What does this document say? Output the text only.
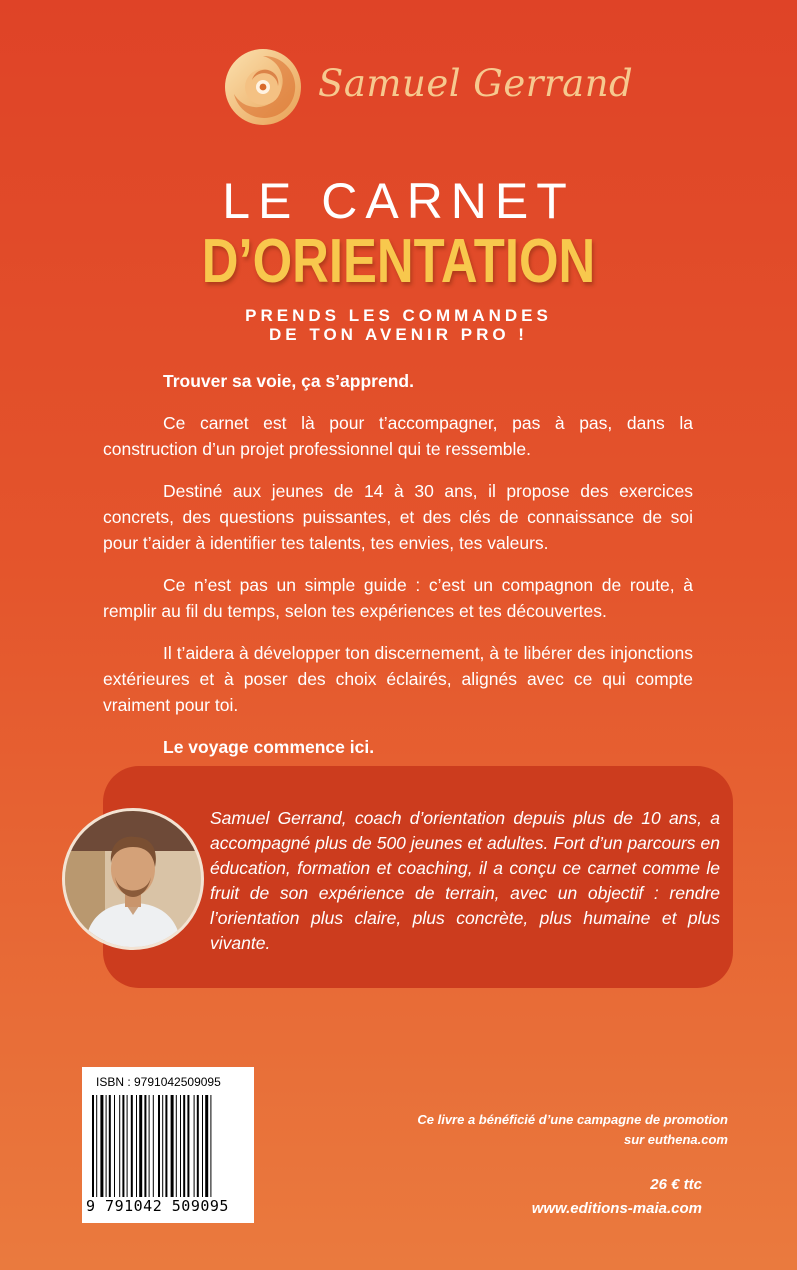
Samuel Gerrand
LE CARNET
D’ORIENTATION
PRENDS LES COMMANDES
DE TON AVENIR PRO !

Trouver sa voie, ça s’apprend.

Ce carnet est là pour t’accompagner, pas à pas, dans la construction d’un projet professionnel qui te ressemble.

Destiné aux jeunes de 14 à 30 ans, il propose des exercices concrets, des questions puissantes, et des clés de connaissance de soi pour t’aider à identifier tes talents, tes envies, tes valeurs.

Ce n’est pas un simple guide : c’est un compagnon de route, à remplir au fil du temps, selon tes expériences et tes découvertes.

Il t’aidera à développer ton discernement, à te libérer des injonctions extérieures et à poser des choix éclairés, alignés avec ce qui compte vraiment pour toi.

Le voyage commence ici.

Samuel Gerrand, coach d’orientation depuis plus de 10 ans, a accompagné plus de 500 jeunes et adultes. Fort d’un parcours en éducation, formation et coaching, il a conçu ce carnet comme le fruit de son expérience de terrain, avec un objectif : rendre l’orientation plus claire, plus concrète, plus humaine et plus vivante.
ISBN : 9791042509095
9 791042 509095
Ce livre a bénéficié d’une campagne de promotion
sur euthena.com
26 € ttc
www.editions-maia.com
